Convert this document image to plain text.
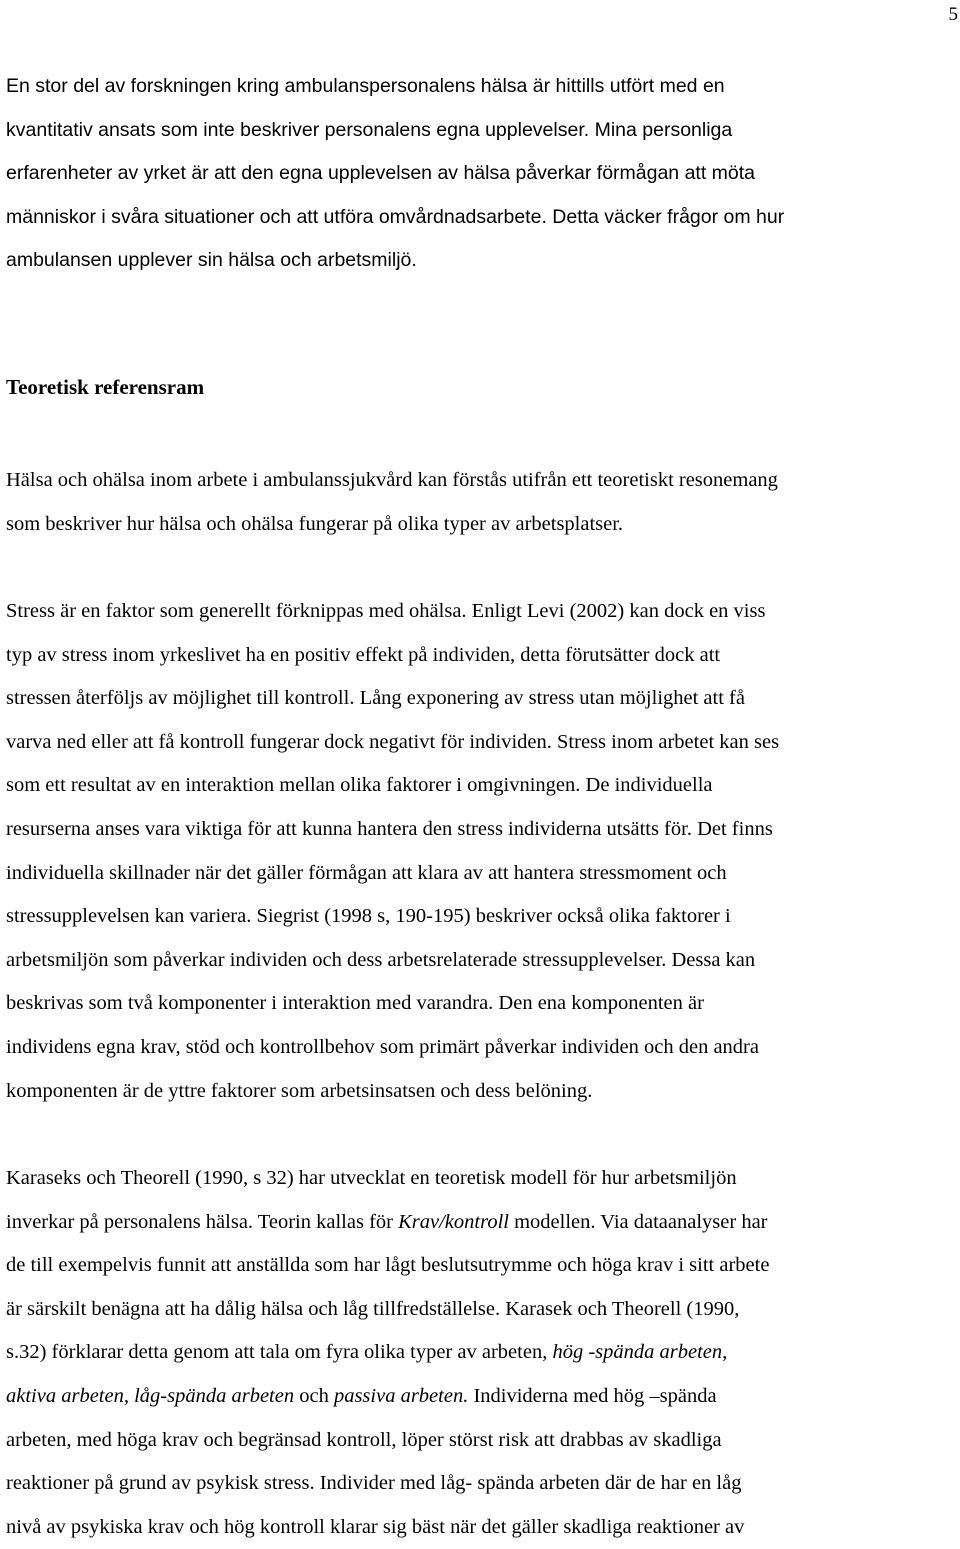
5

En stor del av forskningen kring ambulanspersonalens hälsa är hittills utfört med en
kvantitativ ansats som inte beskriver personalens egna upplevelser. Mina personliga
erfarenheter av yrket är att den egna upplevelsen av hälsa påverkar förmågan att möta
människor i svåra situationer och att utföra omvårdnadsarbete. Detta väcker frågor om hur
ambulansen upplever sin hälsa och arbetsmiljö.

Teoretisk referensram

Hälsa och ohälsa inom arbete i ambulanssjukvård kan förstås utifrån ett teoretiskt resonemang
som beskriver hur hälsa och ohälsa fungerar på olika typer av arbetsplatser.

Stress är en faktor som generellt förknippas med ohälsa. Enligt Levi (2002) kan dock en viss
typ av stress inom yrkeslivet ha en positiv effekt på individen, detta förutsätter dock att
stressen återföljs av möjlighet till kontroll. Lång exponering av stress utan möjlighet att få
varva ned eller att få kontroll fungerar dock negativt för individen. Stress inom arbetet kan ses
som ett resultat av en interaktion mellan olika faktorer i omgivningen. De individuella
resurserna anses vara viktiga för att kunna hantera den stress individerna utsätts för. Det finns
individuella skillnader när det gäller förmågan att klara av att hantera stressmoment och
stressupplevelsen kan variera. Siegrist (1998 s, 190-195) beskriver också olika faktorer i
arbetsmiljön som påverkar individen och dess arbetsrelaterade stressupplevelser. Dessa kan
beskrivas som två komponenter i interaktion med varandra. Den ena komponenten är
individens egna krav, stöd och kontrollbehov som primärt påverkar individen och den andra
komponenten är de yttre faktorer som arbetsinsatsen och dess belöning.

Karaseks och Theorell (1990, s 32) har utvecklat en teoretisk modell för hur arbetsmiljön
inverkar på personalens hälsa. Teorin kallas för Krav/kontroll modellen. Via dataanalyser har
de till exempelvis funnit att anställda som har lågt beslutsutrymme och höga krav i sitt arbete
är särskilt benägna att ha dålig hälsa och låg tillfredställelse. Karasek och Theorell (1990,
s.32) förklarar detta genom att tala om fyra olika typer av arbeten, hög -spända arbeten,
aktiva arbeten, låg-spända arbeten och passiva arbeten. Individerna med hög –spända
arbeten, med höga krav och begränsad kontroll, löper störst risk att drabbas av skadliga
reaktioner på grund av psykisk stress. Individer med låg- spända arbeten där de har en låg
nivå av psykiska krav och hög kontroll klarar sig bäst när det gäller skadliga reaktioner av
